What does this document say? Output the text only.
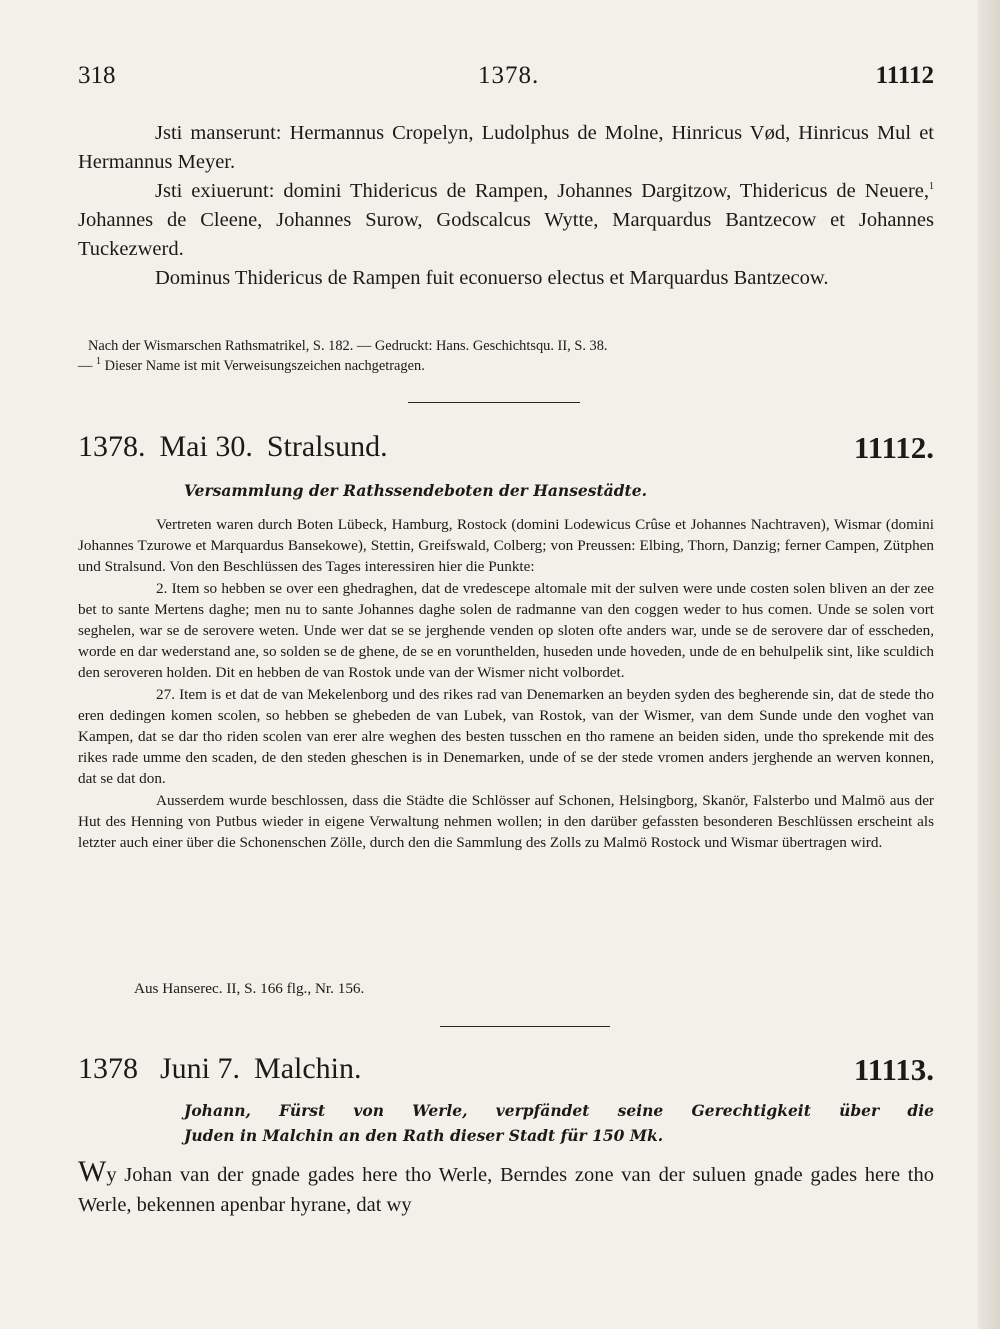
318	1378.	11112

Jsti manserunt: Hermannus Cropelyn, Ludolphus de Molne, Hinricus Vød, Hinricus Mul et Hermannus Meyer.

Jsti exiuerunt: domini Thidericus de Rampen, Johannes Dargitzow, Thidericus de Neuere,$^1$ Johannes de Cleene, Johannes Surow, Godscalcus Wytte, Marquardus Bantzecow et Johannes Tuckezwerd.

Dominus Thidericus de Rampen fuit econuerso electus et Marquardus Bantzecow.

Nach der Wismarschen Rathsmatrikel, S. 182. — Gedruckt: Hans. Geschichtsqu. II, S. 38.

— $^1$ Dieser Name ist mit Verweisungszeichen nachgetragen.

1378. Mai 30. Stralsund.	11112.
Versammlung der Rathssendeboten der Hansestädte.

Vertreten waren durch Boten Lübeck, Hamburg, Rostock (domini Lodewicus Crûse et Johannes Nachtraven), Wismar (domini Johannes Tzurowe et Marquardus Bansekowe), Stettin, Greifswald, Colberg; von Preussen: Elbing, Thorn, Danzig; ferner Campen, Zütphen und Stralsund. Von den Beschlüssen des Tages interessiren hier die Punkte:

2. Item so hebben se over een ghedraghen, dat de vredescepe altomale mit der sulven were unde costen solen bliven an der zee bet to sante Mertens daghe; men nu to sante Johannes daghe solen de radmanne van den coggen weder to hus comen. Unde se solen vort seghelen, war se de serovere weten. Unde wer dat se se jerghende venden op sloten ofte anders war, unde se de serovere dar of esscheden, worde en dar wederstand ane, so solden se de ghene, de se en vorunthelden, huseden unde hoveden, unde de en behulpelik sint, like sculdich den seroveren holden. Dit en hebben de van Rostok unde van der Wismer nicht volbordet.

27. Item is et dat de van Mekelenborg und des rikes rad van Denemarken an beyden syden des begherende sin, dat de stede tho eren dedingen komen scolen, so hebben se ghebeden de van Lubek, van Rostok, van der Wismer, van dem Sunde unde den voghet van Kampen, dat se dar tho riden scolen van erer alre weghen des besten tusschen en tho ramene an beiden siden, unde tho sprekende mit des rikes rade umme den scaden, de den steden gheschen is in Denemarken, unde of se der stede vromen anders jerghende an werven konnen, dat se dat don.

Ausserdem wurde beschlossen, dass die Städte die Schlösser auf Schonen, Helsingborg, Skanör, Falsterbo und Malmö aus der Hut des Henning von Putbus wieder in eigene Verwaltung nehmen wollen; in den darüber gefassten besonderen Beschlüssen erscheint als letzter auch einer über die Schonenschen Zölle, durch den die Sammlung des Zolls zu Malmö Rostock und Wismar übertragen wird.

Aus Hanserec. II, S. 166 flg., Nr. 156.
1378 Juni 7. Malchin.	11113.
Johann, Fürst von Werle, verpfändet seine Gerechtigkeit über die
Juden in Malchin an den Rath dieser Stadt für 150 Mk.

Wy Johan van der gnade gades here tho Werle, Berndes zone van der suluen gnade gades here tho Werle, bekennen apenbar hyrane, dat wy
